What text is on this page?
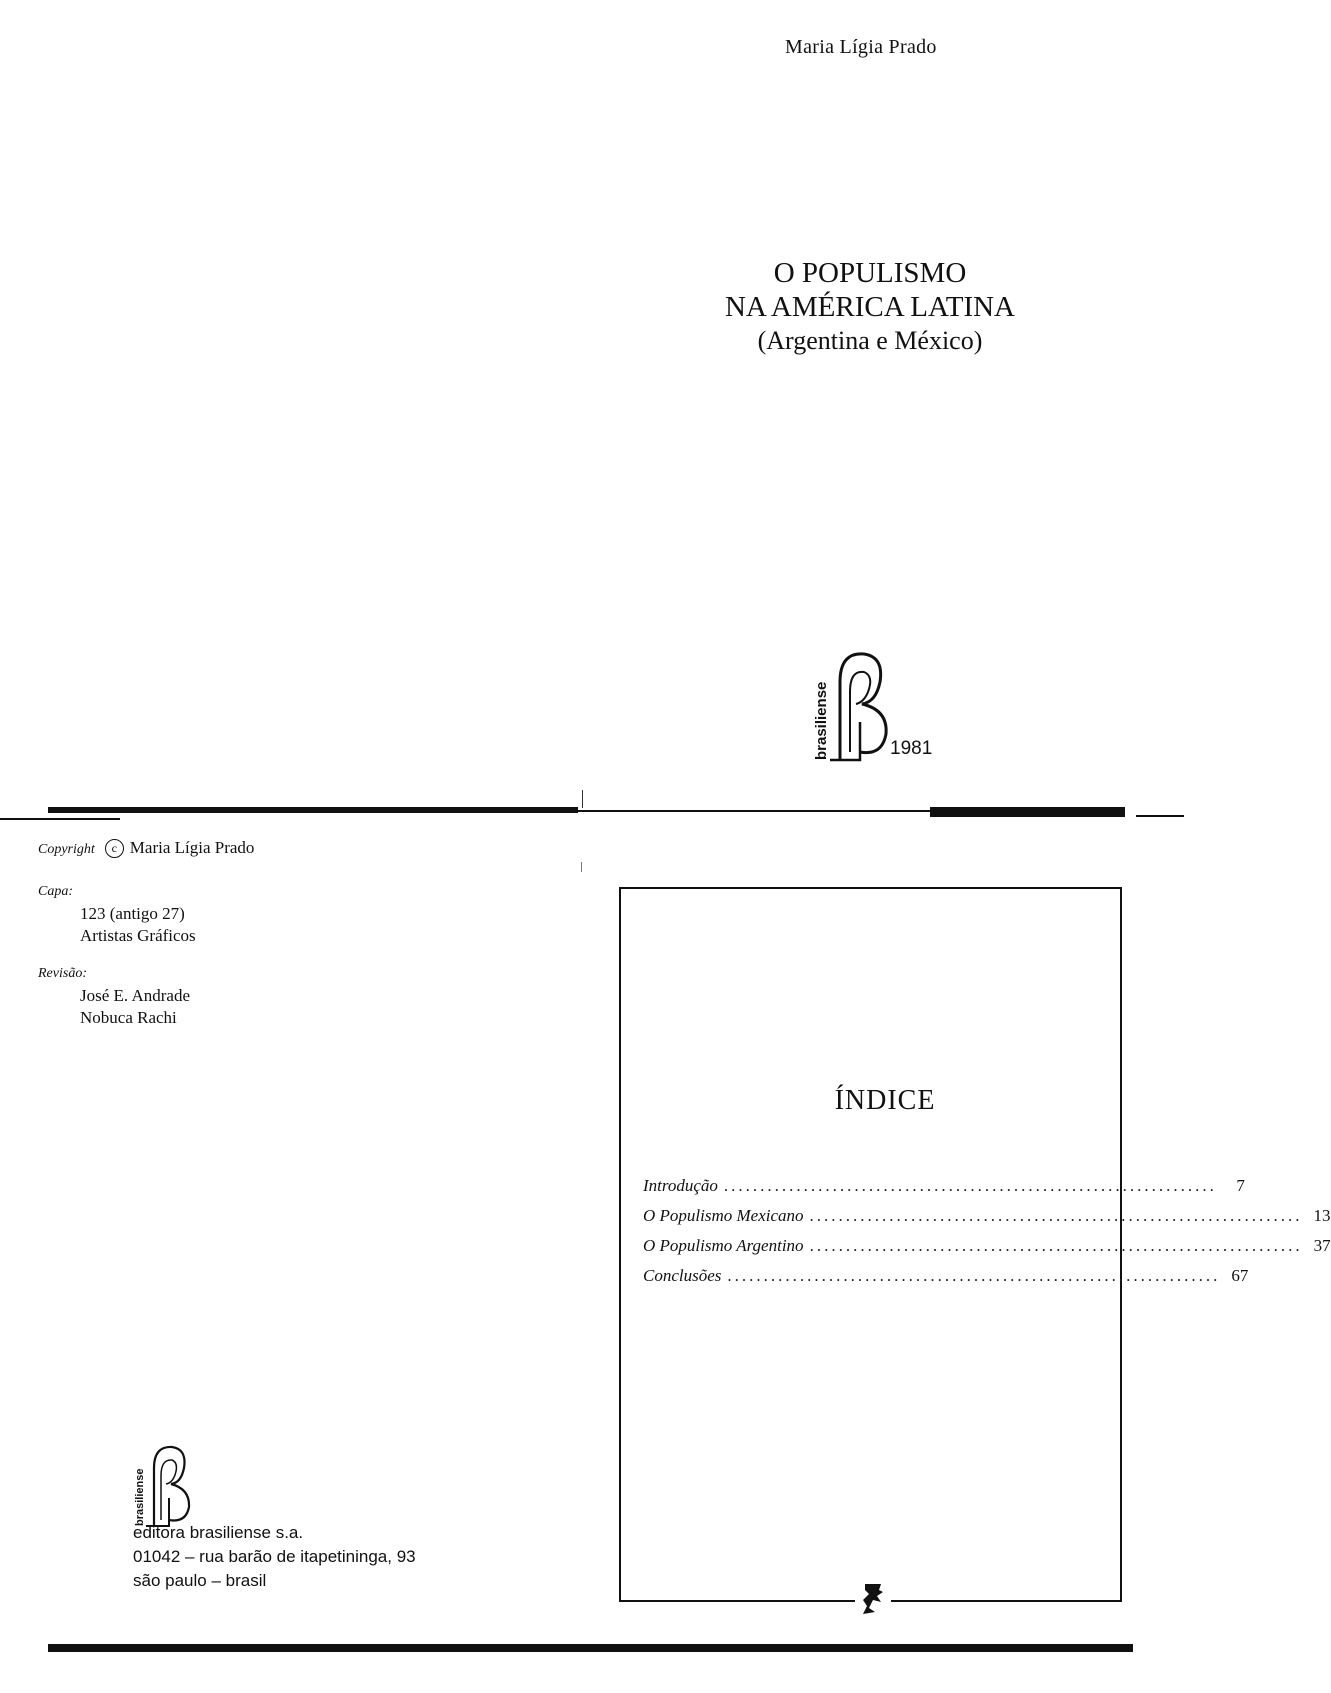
Maria Lígia Prado
O POPULISMO
NA AMÉRICA LATINA
(Argentina e México)
brasiliense	1981
Copyright c Maria Lígia Prado
Capa:
123 (antigo 27)
Artistas Gráficos
Revisão:
José E. Andrade
Nobuca Rachi
brasiliense
editora brasiliense s.a.
01042 – rua barão de itapetininga, 93
são paulo – brasil
ÍNDICE
Introdução ....................................................................	7
O Populismo Mexicano .................................................................... 13
O Populismo Argentino .................................................................... 37
Conclusões .................................................................... 67
